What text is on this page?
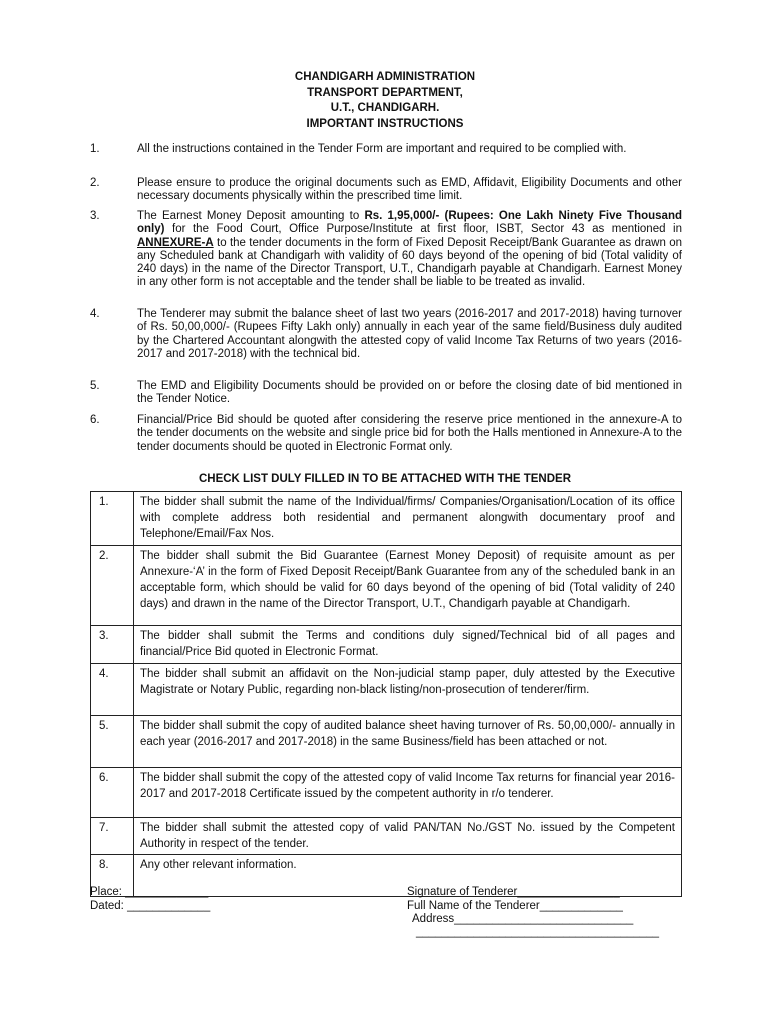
CHANDIGARH ADMINISTRATION
TRANSPORT DEPARTMENT,
U.T., CHANDIGARH.
IMPORTANT INSTRUCTIONS
1.	All the instructions contained in the Tender Form are important and required to be complied with.
2.	Please ensure to produce the original documents such as EMD, Affidavit, Eligibility Documents and other necessary documents physically within the prescribed time limit.
3.	The Earnest Money Deposit amounting to Rs. 1,95,000/- (Rupees: One Lakh Ninety Five Thousand only) for the Food Court, Office Purpose/Institute at first floor, ISBT, Sector 43 as mentioned in ANNEXURE-A to the tender documents in the form of Fixed Deposit Receipt/Bank Guarantee as drawn on any Scheduled bank at Chandigarh with validity of 60 days beyond of the opening of bid (Total validity of 240 days) in the name of the Director Transport, U.T., Chandigarh payable at Chandigarh. Earnest Money in any other form is not acceptable and the tender shall be liable to be treated as invalid.
4.	The Tenderer may submit the balance sheet of last two years (2016-2017 and 2017-2018) having turnover of Rs. 50,00,000/- (Rupees Fifty Lakh only) annually in each year of the same field/Business duly audited by the Chartered Accountant alongwith the attested copy of valid Income Tax Returns of two years (2016-2017 and 2017-2018) with the technical bid.
5.	The EMD and Eligibility Documents should be provided on or before the closing date of bid mentioned in the Tender Notice.
6.	Financial/Price Bid should be quoted after considering the reserve price mentioned in the annexure-A to the tender documents on the website and single price bid for both the Halls mentioned in Annexure-A to the tender documents should be quoted in Electronic Format only.
CHECK LIST DULY FILLED IN TO BE ATTACHED WITH THE TENDER
1.	The bidder shall submit the name of the Individual/firms/ Companies/Organisation/Location of its office with complete address both residential and permanent alongwith documentary proof and Telephone/Email/Fax Nos.
2.	The bidder shall submit the Bid Guarantee (Earnest Money Deposit) of requisite amount as per Annexure-‘A’ in the form of Fixed Deposit Receipt/Bank Guarantee from any of the scheduled bank in an acceptable form, which should be valid for 60 days beyond of the opening of bid (Total validity of 240 days) and drawn in the name of the Director Transport, U.T., Chandigarh payable at Chandigarh.
3.	The bidder shall submit the Terms and conditions duly signed/Technical bid of all pages and financial/Price Bid quoted in Electronic Format.
4.	The bidder shall submit an affidavit on the Non-judicial stamp paper, duly attested by the Executive Magistrate or Notary Public, regarding non-black listing/non-prosecution of tenderer/firm.
5.	The bidder shall submit the copy of audited balance sheet having turnover of Rs. 50,00,000/- annually in each year (2016-2017 and 2017-2018) in the same Business/field has been attached or not.
6.	The bidder shall submit the copy of the attested copy of valid Income Tax returns for financial year 2016-2017 and 2017-2018 Certificate issued by the competent authority in r/o tenderer.
7.	The bidder shall submit the attested copy of valid PAN/TAN No./GST No. issued by the Competent Authority in respect of the tender.
8.	Any other relevant information.
Place: _____________
Dated: _____________
Signature of Tenderer________________
Full Name of the Tenderer_____________
Address____________________________
______________________________________
